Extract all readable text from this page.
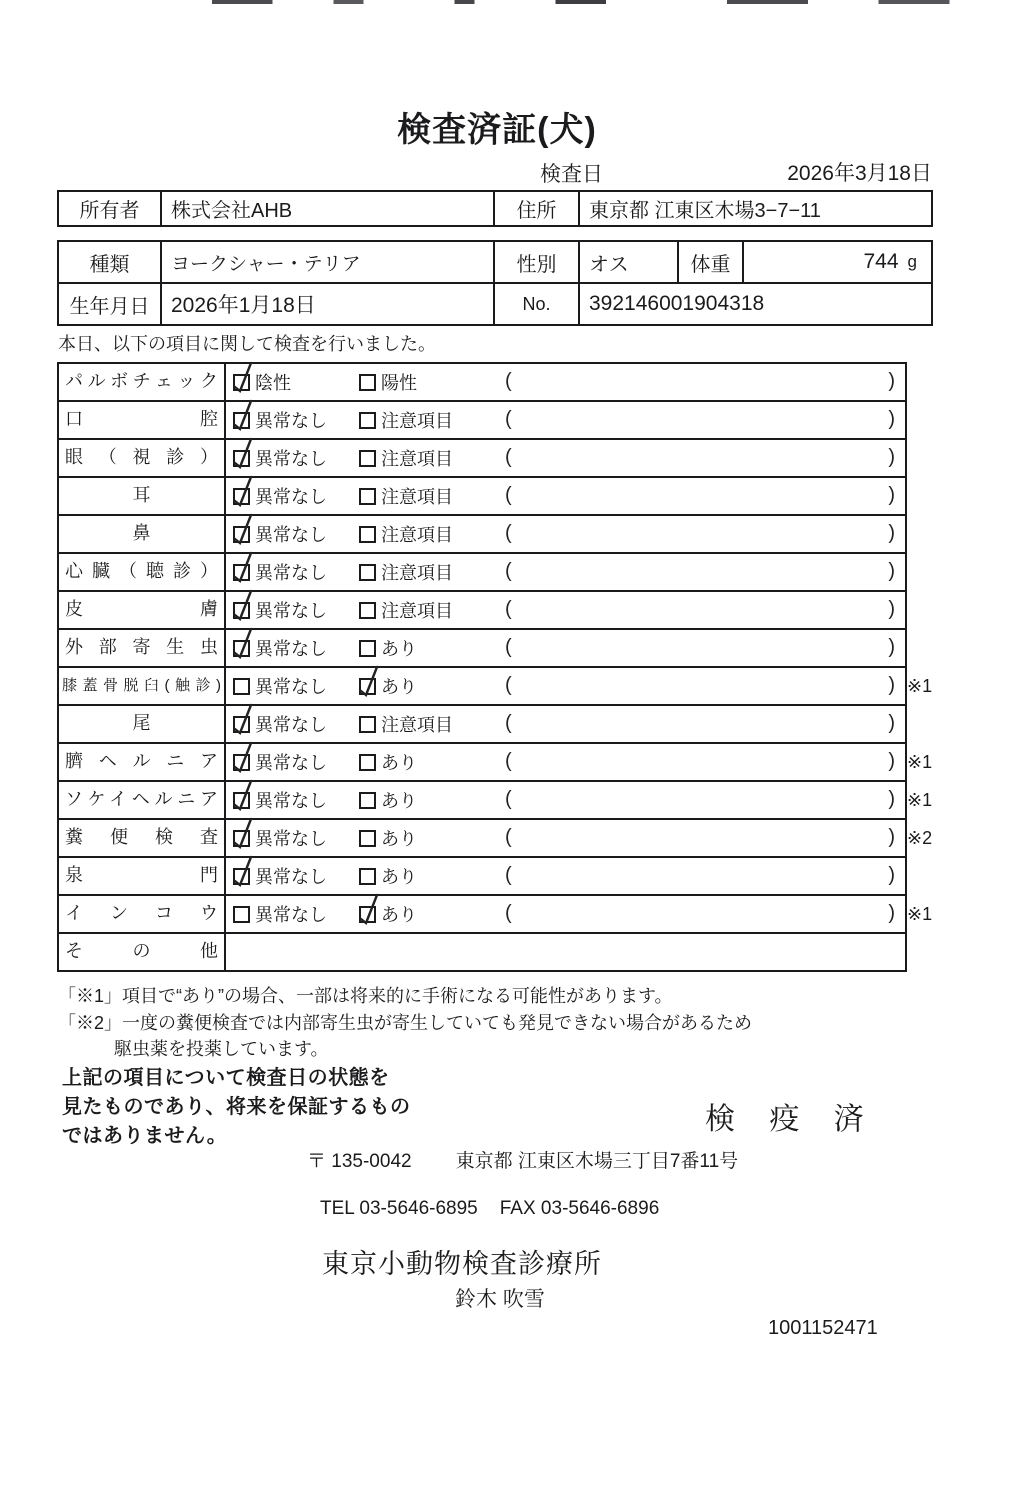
検査済証(犬)
検査日	2026年3月18日
所有者	株式会社AHB	住所	東京都 江東区木場3−7−11
種類	ヨークシャー・テリア	性別	オス	体重	744 g
生年月日	2026年1月18日	No.	392146001904318
本日、以下の項目に関して検査を行いました。
パルボチェック	陰性	陽性	(	)
口腔	異常なし	注意項目	(	)
眼（視診）	異常なし	注意項目	(	)
耳	異常なし	注意項目	(	)
鼻	異常なし	注意項目	(	)
心臓（聴診）	異常なし	注意項目	(	)
皮膚	異常なし	注意項目	(	)
外部寄生虫	異常なし	あり	(	)
膝蓋骨脱臼(触診) 異常なし	あり	(	) ※1
尾	異常なし	注意項目	(	)
臍ヘルニア	異常なし	あり	(	) ※1
ソケイヘルニア	異常なし	あり	(	) ※1
糞便検査	異常なし	あり	(	) ※2
泉門	異常なし	あり	(	)
インコウ	異常なし	あり	(	) ※1
その他
「※1」項目で“あり”の場合、一部は将来的に手術になる可能性があります。
「※2」一度の糞便検査では内部寄生虫が寄生していても発見できない場合があるため
駆虫薬を投薬しています。
上記の項目について検査日の状態を
見たものであり、将来を保証するもの
ではありません。	検 疫 済
〒 135-0042 東京都 江東区木場三丁目7番11号
TEL 03-5646-6895 FAX 03-5646-6896
東京小動物検査診療所
鈴木 吹雪
1001152471
